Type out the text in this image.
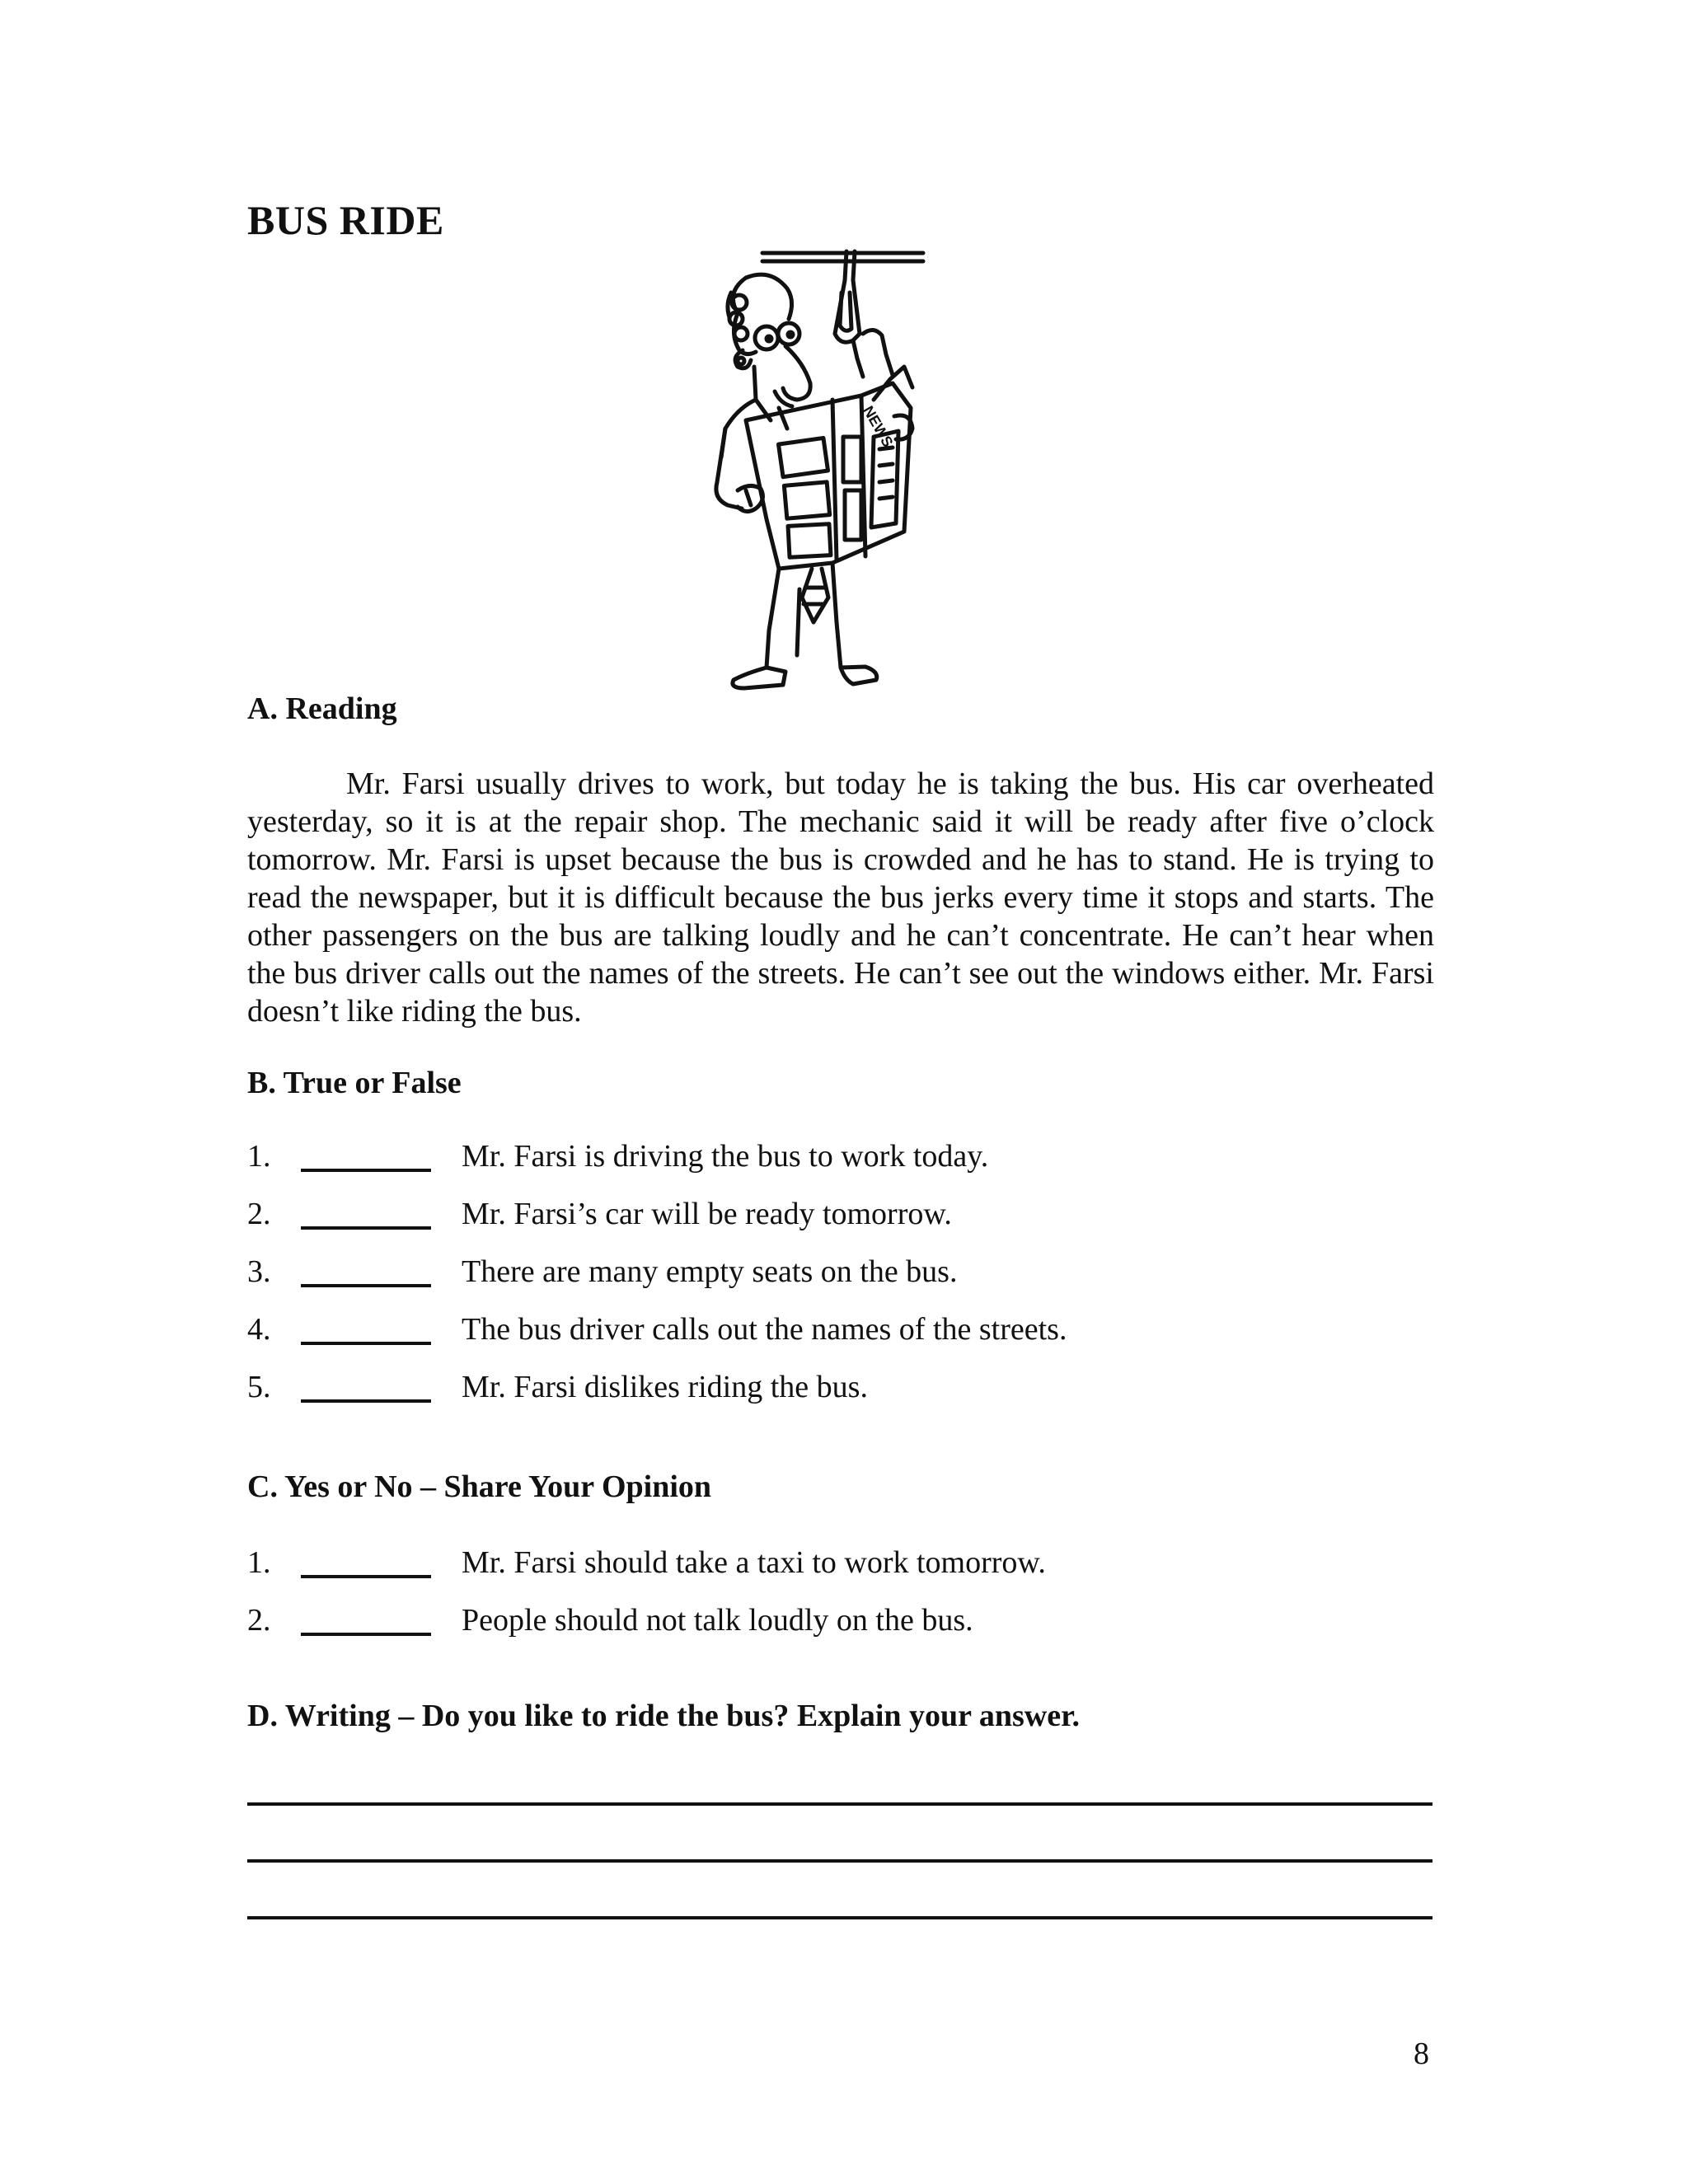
BUS RIDE
NEWS
A. Reading

Mr. Farsi usually drives to work, but today he is taking the bus. His car overheated yesterday, so it is at the repair shop. The mechanic said it will be ready after five o’clock tomorrow. Mr. Farsi is upset because the bus is crowded and he has to stand. He is trying to read the newspaper, but it is difficult because the bus jerks every time it stops and starts. The other passengers on the bus are talking loudly and he can’t concentrate. He can’t hear when the bus driver calls out the names of the streets. He can’t see out the windows either. Mr. Farsi doesn’t like riding the bus.

B. True or False
1.	Mr. Farsi is driving the bus to work today.
2.	Mr. Farsi’s car will be ready tomorrow.
3.	There are many empty seats on the bus.
4.	The bus driver calls out the names of the streets.
5.	Mr. Farsi dislikes riding the bus.
C. Yes or No – Share Your Opinion
1.	Mr. Farsi should take a taxi to work tomorrow.
2.	People should not talk loudly on the bus.
D. Writing – Do you like to ride the bus? Explain your answer.
8
